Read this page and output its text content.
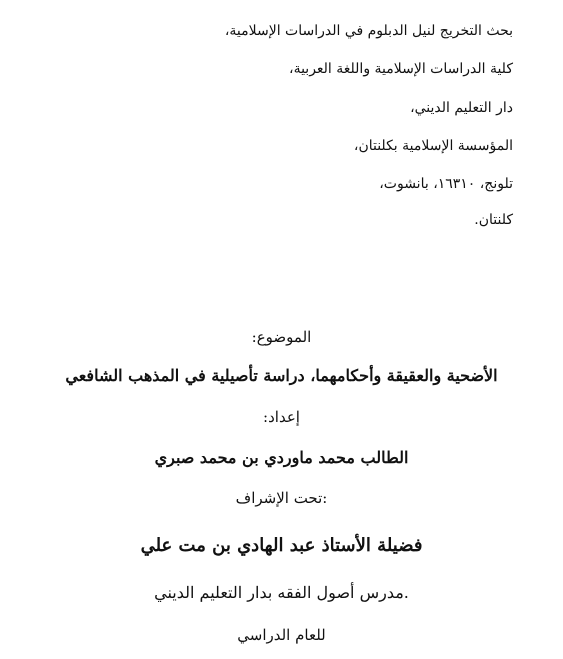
بحث التخريج لنيل الدبلوم في الدراسات الإسلامية،
كلية الدراسات الإسلامية واللغة العربية،
دار التعليم الديني،
المؤسسة الإسلامية بكلنتان،
تلونج، ١٦٣١٠، بانشوت،
كلنتان.
الموضوع:
الأضحية والعقيقة وأحكامهما، دراسة تأصيلية في المذهب الشافعي
إعداد:
الطالب محمد ماوردي بن محمد صبري
:تحت الإشراف
فضيلة الأستاذ عبد الهادي بن مت علي
.مدرس أصول الفقه بدار التعليم الديني
للعام الدراسي
